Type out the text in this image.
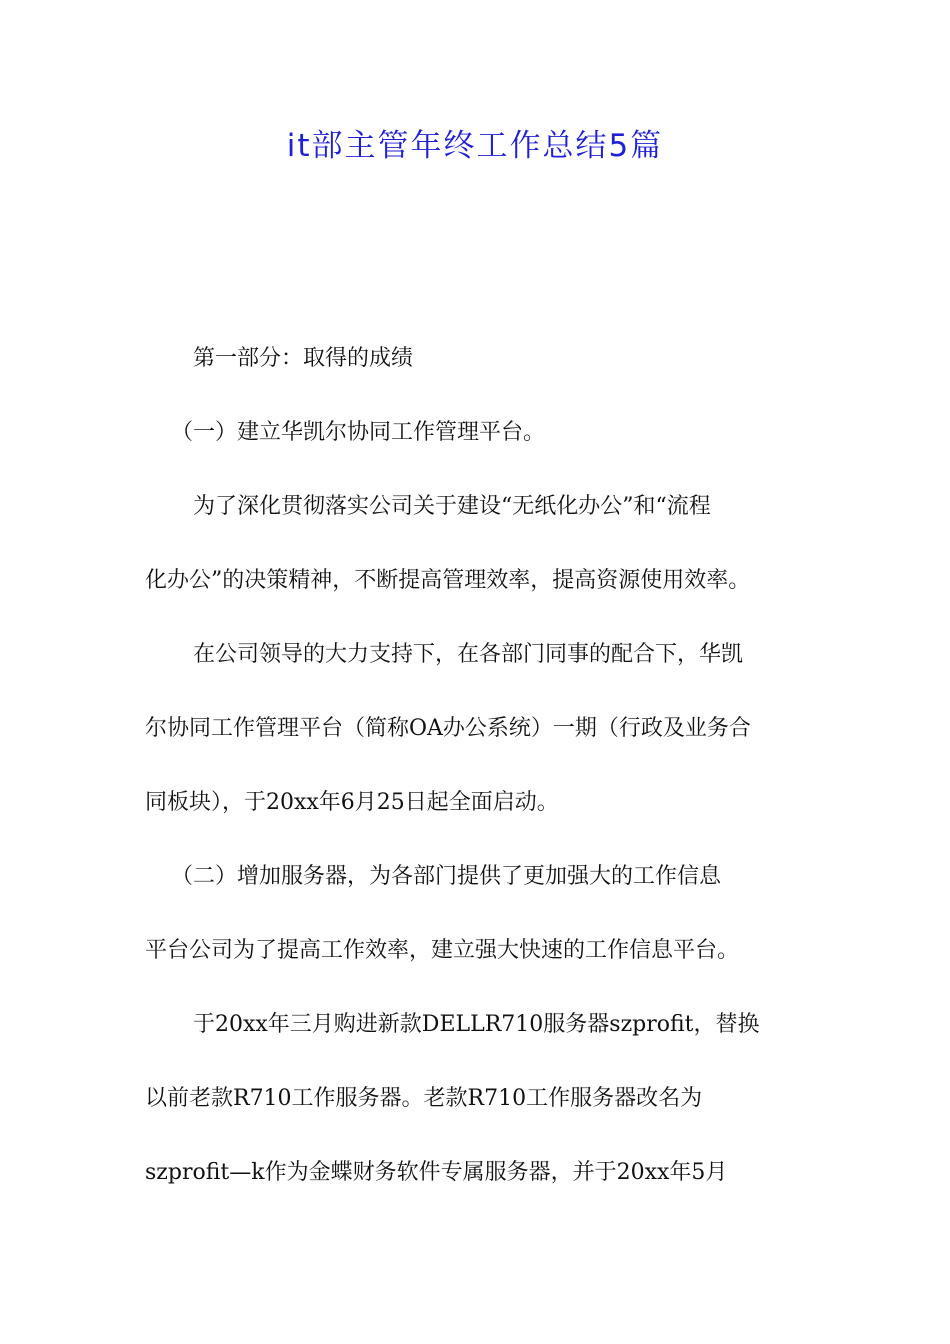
it部主管年终工作总结5篇
第一部分：取得的成绩
（一）建立华凯尔协同工作管理平台。
为了深化贯彻落实公司关于建设“无纸化办公”和“流程
化办公”的决策精神，不断提高管理效率，提高资源使用效率。
在公司领导的大力支持下，在各部门同事的配合下，华凯
尔协同工作管理平台（简称OA办公系统）一期（行政及业务合
同板块），于20xx年6月25日起全面启动。
（二）增加服务器，为各部门提供了更加强大的工作信息
平台公司为了提高工作效率，建立强大快速的工作信息平台。
于20xx年三月购进新款DELLR710服务器szprofit，替换
以前老款R710工作服务器。老款R710工作服务器改名为
szprofit—k作为金蝶财务软件专属服务器，并于20xx年5月
